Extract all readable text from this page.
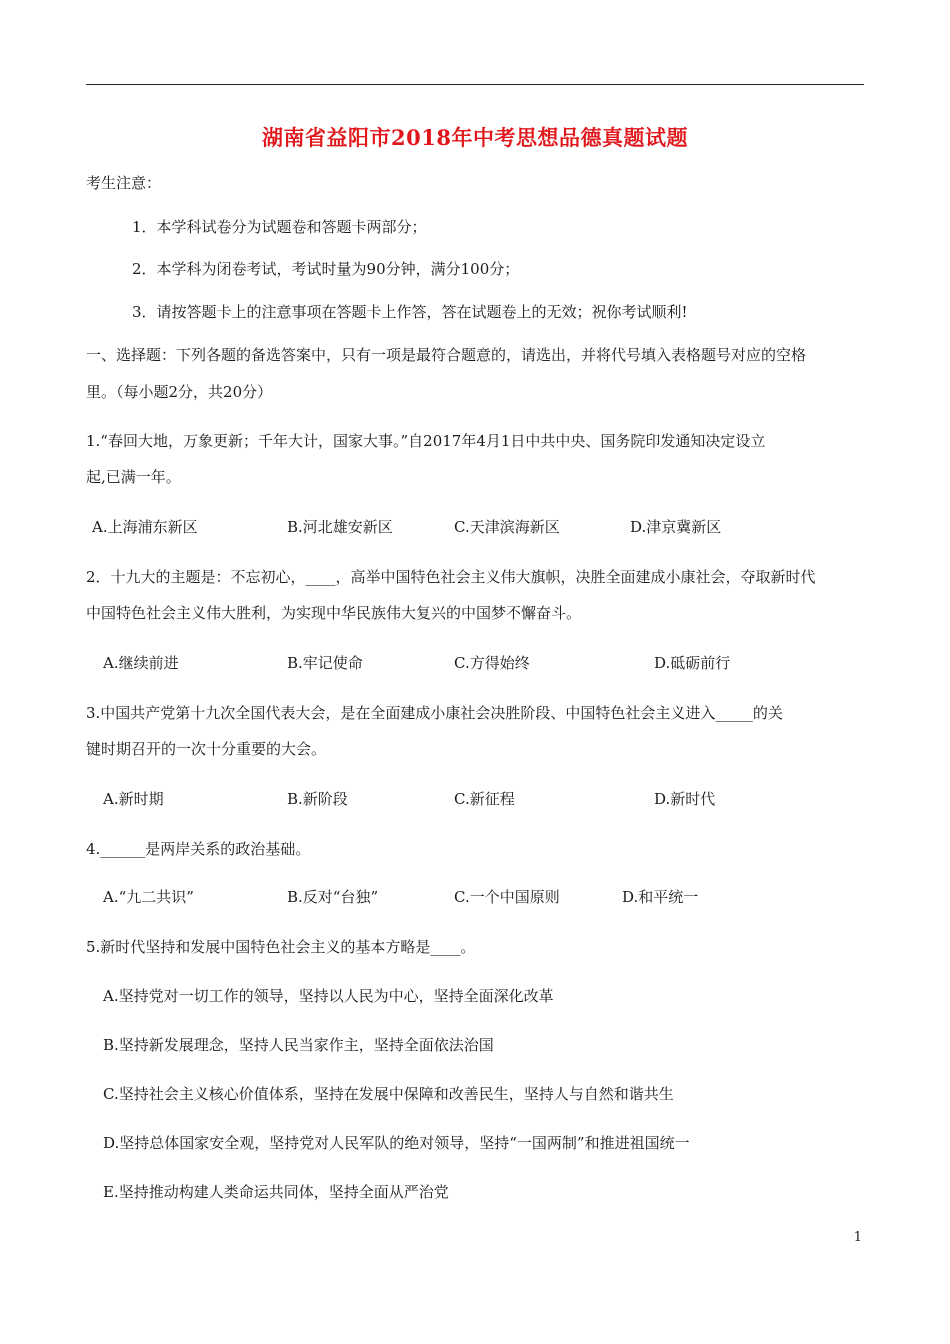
湖南省益阳市2018年中考思想品德真题试题
考生注意：
1．本学科试卷分为试题卷和答题卡两部分；
2．本学科为闭卷考试，考试时量为90分钟，满分100分；
3．请按答题卡上的注意事项在答题卡上作答，答在试题卷上的无效；祝你考试顺利!
一、选择题：下列各题的备选答案中，只有一项是最符合题意的，请选出，并将代号填入表格题号对应的空格
里。（每小题2分，共20分）
1.“春回大地，万象更新；千年大计，国家大事。”自2017年4月1日中共中央、国务院印发通知决定设立
起,已满一年。
A.上海浦东新区	B.河北雄安新区	C.天津滨海新区	D.津京冀新区
2．十九大的主题是：不忘初心，____，高举中国特色社会主义伟大旗帜，决胜全面建成小康社会，夺取新时代
中国特色社会主义伟大胜利，为实现中华民族伟大复兴的中国梦不懈奋斗。
A.继续前进	B.牢记使命	C.方得始终	D.砥砺前行
3.中国共产党第十九次全国代表大会，是在全面建成小康社会决胜阶段、中国特色社会主义进入_____的关
键时期召开的一次十分重要的大会。
A.新时期	B.新阶段	C.新征程	D.新时代
4.______是两岸关系的政治基础。
A.“九二共识”	B.反对“台独”	C.一个中国原则	D.和平统一
5.新时代坚持和发展中国特色社会主义的基本方略是____。
A.坚持党对一切工作的领导，坚持以人民为中心，坚持全面深化改革
B.坚持新发展理念，坚持人民当家作主，坚持全面依法治国
C.坚持社会主义核心价值体系，坚持在发展中保障和改善民生，坚持人与自然和谐共生
D.坚持总体国家安全观，坚持党对人民军队的绝对领导，坚持“一国两制”和推进祖国统一
E.坚持推动构建人类命运共同体，坚持全面从严治党
1
